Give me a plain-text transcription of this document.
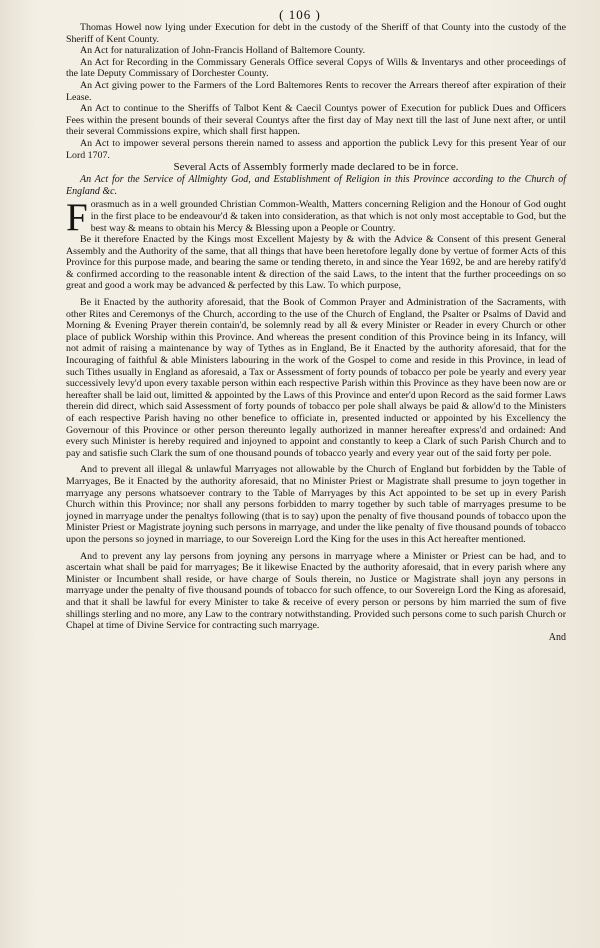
( 106 )

Thomas Howel now lying under Execution for debt in the custody of the Sheriff of that County into the custody of the Sheriff of Kent County.

An Act for naturalization of John-Francis Holland of Baltemore County.

An Act for Recording in the Commissary Generals Office several Copys of Wills & Inventarys and other proceedings of the late Deputy Commissary of Dorchester County.

An Act giving power to the Farmers of the Lord Baltemores Rents to recover the Arrears thereof after expiration of their Lease.

An Act to continue to the Sheriffs of Talbot Kent & Caecil Countys power of Execution for publick Dues and Officers Fees within the present bounds of their several Countys after the first day of May next till the last of June next after, or until their several Commissions expire, which shall first happen.

An Act to impower several persons therein named to assess and apportion the publick Levy for this present Year of our Lord 1707.

Several Acts of Assembly formerly made declared to be in force.

An Act for the Service of Allmighty God, and Establishment of Religion in this Province according to the Church of England &c.

Forasmuch as in a well grounded Christian Common-Wealth, Matters concerning Religion and the Honour of God ought in the first place to be endeavour'd & taken into consideration, as that which is not only most acceptable to God, but the best way & means to obtain his Mercy & Blessing upon a People or Country.

Be it therefore Enacted by the Kings most Excellent Majesty by & with the Advice & Consent of this present General Assembly and the Authority of the same, that all things that have been heretofore legally done by vertue of former Acts of this Province for this purpose made, and bearing the same or tending thereto, in and since the Year 1692, be and are hereby ratify'd & confirmed according to the reasonable intent & direction of the said Laws, to the intent that the further proceedings on so great and good a work may be advanced & perfected by this Law. To which purpose,

Be it Enacted by the authority aforesaid, that the Book of Common Prayer and Administration of the Sacraments, with other Rites and Ceremonys of the Church, according to the use of the Church of England, the Psalter or Psalms of David and Morning & Evening Prayer therein contain'd, be solemnly read by all & every Minister or Reader in every Church or other place of publick Worship within this Province. And whereas the present condition of this Province being in its Infancy, will not admit of raising a maintenance by way of Tythes as in England, Be it Enacted by the authority aforesaid, that for the Incouraging of faithful & able Ministers labouring in the work of the Gospel to come and reside in this Province, in lead of such Tithes usually in England as aforesaid, a Tax or Assessment of forty pounds of tobacco per pole be yearly and every year successively levy'd upon every taxable person within each respective Parish within this Province as they have been now are or hereafter shall be laid out, limitted & appointed by the Laws of this Province and enter'd upon Record as the said former Laws therein did direct, which said Assessment of forty pounds of tobacco per pole shall always be paid & allow'd to the Ministers of each respective Parish having no other benefice to officiate in, presented inducted or appointed by his Excellency the Governour of this Province or other person thereunto legally authorized in manner hereafter express'd and ordained: And every such Minister is hereby required and injoyned to appoint and constantly to keep a Clark of such Parish Church and to pay and satisfie such Clark the sum of one thousand pounds of tobacco yearly and every year out of the said forty per pole.

And to prevent all illegal & unlawful Marryages not allowable by the Church of England but forbidden by the Table of Marryages, Be it Enacted by the authority aforesaid, that no Minister Priest or Magistrate shall presume to joyn together in marryage any persons whatsoever contrary to the Table of Marryages by this Act appointed to be set up in every Parish Church within this Province; nor shall any persons forbidden to marry together by such table of marryages presume to be joyned in marryage under the penaltys following (that is to say) upon the penalty of five thousand pounds of tobacco upon the Minister Priest or Magistrate joyning such persons in marryage, and under the like penalty of five thousand pounds of tobacco upon the persons so joyned in marriage, to our Sovereign Lord the King for the uses in this Act hereafter mentioned.

And to prevent any lay persons from joyning any persons in marryage where a Minister or Priest can be had, and to ascertain what shall be paid for marryages; Be it likewise Enacted by the authority aforesaid, that in every parish where any Minister or Incumbent shall reside, or have charge of Souls therein, no Justice or Magistrate shall joyn any persons in marryage under the penalty of five thousand pounds of tobacco for such offence, to our Sovereign Lord the King as aforesaid, and that it shall be lawful for every Minister to take & receive of every person or persons by him married the sum of five shillings sterling and no more, any Law to the contrary notwithstanding. Provided such persons come to such parish Church or Chapel at time of Divine Service for contracting such marryage.

And
